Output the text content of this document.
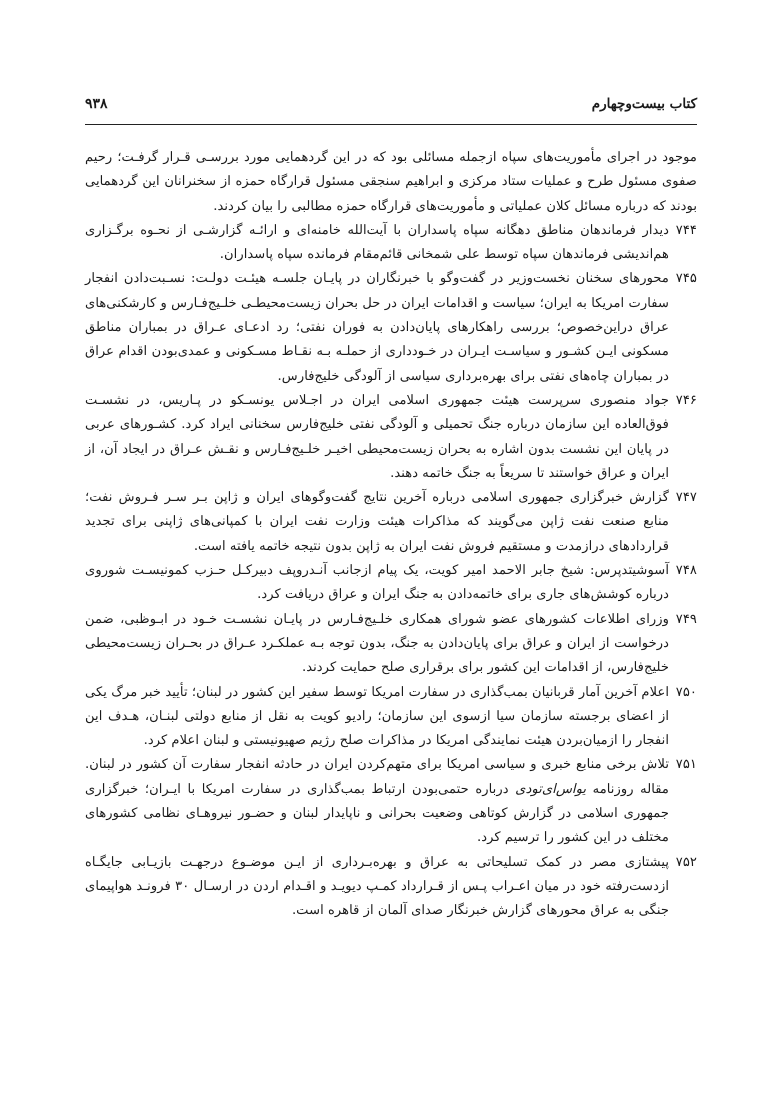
کتاب بیست‌وچهارم
۹۳۸

موجود در اجرای مأموریت‌های سپاه ازجمله مسائلی بود که در این گردهمایی مورد بررسـی قـرار گرفـت؛ رحیم صفوی مسئول طرح و عملیات ستاد مرکزی و ابراهیم سنجقی مسئول قرارگاه حمزه از سخنرانان این گردهمایی بودند که درباره مسائل کلان عملیاتی و مأموریت‌های قرارگاه حمزه مطالبی را بیان کردند.

۷۴۴
دیدار فرماندهان مناطق دهگانه سپاه پاسداران با آیت‌الله خامنه‌ای و ارائـه گزارشـی از نحـوه برگـزاری هم‌اندیشی فرماندهان سپاه توسط علی شمخانی قائم‌مقام فرمانده سپاه پاسداران.
۷۴۵
محورهای سخنان نخست‌وزیر در گفت‌وگو با خبرنگاران در پایـان جلسـه هیئـت دولـت: نسـبت‌دادن انفجار سفارت امریکا به ایران؛ سیاست و اقدامات ایران در حل بحران زیست‌محیطـی خلـیج‌فـارس و کارشکنی‌های عراق دراین‌خصوص؛ بررسی راهکارهای پایان‌دادن به فوران نفتی؛ رد ادعـای عـراق در بمباران مناطق مسکونی ایـن کشـور و سیاسـت ایـران در خـودداری از حملـه بـه نقـاط مسـکونی و عمدی‌بودن اقدام عراق در بمباران چاه‌های نفتی برای بهره‌برداری سیاسی از آلودگی خلیج‌فارس.
۷۴۶
جواد منصوری سرپرست هیئت جمهوری اسلامی ایران در اجـلاس یونسـکو در پـاریس، در نشسـت فوق‌العاده این سازمان درباره جنگ تحمیلی و آلودگی نفتی خلیج‌فارس سخنانی ایراد کرد. کشـورهای عربی در پایان این نشست بدون اشاره به بحران زیست‌محیطی اخیـر خلـیج‌فـارس و نقـش عـراق در ایجاد آن، از ایران و عراق خواستند تا سریعاً به جنگ خاتمه دهند.
۷۴۷
گزارش خبرگزاری جمهوری اسلامی درباره آخرین نتایج گفت‌وگوهای ایران و ژاپن بـر سـر فـروش نفت؛ منابع صنعت نفت ژاپن می‌گویند که مذاکرات هیئت وزارت نفت ایران با کمپانی‌های ژاپنی برای تجدید قراردادهای درازمدت و مستقیم فروش نفت ایران به ژاپن بدون نتیجه خاتمه یافته است.
۷۴۸
آسوشیتدپرس: شیخ جابر الاحمد امیر کویت، یک پیام ازجانب آنـدروپف دبیرکـل حـزب کمونیسـت شوروی درباره کوشش‌های جاری برای خاتمه‌دادن به جنگ ایران و عراق دریافت کرد.
۷۴۹
وزرای اطلاعات کشورهای عضو شورای همکاری خلـیج‌فـارس در پایـان نشسـت خـود در ابـوظبی، ضمن درخواست از ایران و عراق برای پایان‌دادن به جنگ، بدون توجه بـه عملکـرد عـراق در بحـران زیست‌محیطی خلیج‌فارس، از اقدامات این کشور برای برقراری صلح حمایت کردند.
۷۵۰
اعلام آخرین آمار قربانیان بمب‌گذاری در سفارت امریکا توسط سفیر این کشور در لبنان؛ تأیید خبر مرگ یکی از اعضای برجسته سازمان سیا ازسوی این سازمان؛ رادیو کویت به نقل از منابع دولتی لبنـان، هـدف این انفجار را ازمیان‌بردن هیئت نمایندگی امریکا در مذاکرات صلح رژیم صهیونیستی و لبنان اعلام کرد.
۷۵۱
تلاش برخی منابع خبری و سیاسی امریکا برای متهم‌کردن ایران در حادثه انفجار سفارت آن کشور در لبنان. مقاله روزنامه یواس‌ای‌تودی درباره حتمی‌بودن ارتباط بمب‌گذاری در سفارت امریکا با ایـران؛ خبرگزاری جمهوری اسلامی در گزارش کوتاهی وضعیت بحرانی و ناپایدار لبنان و حضـور نیروهـای نظامی کشورهای مختلف در این کشور را ترسیم کرد.
۷۵۲
پیشتازی مصر در کمک تسلیحاتی به عراق و بهره‌بـرداری از ایـن موضـوع درجهـت بازیـابی جایگـاه ازدست‌رفته خود در میان اعـراب پـس از قـرارداد کمـپ دیویـد و اقـدام اردن در ارسـال ۳۰ فرونـد هواپیمای جنگی به عراق محورهای گزارش خبرنگار صدای آلمان از قاهره است.
